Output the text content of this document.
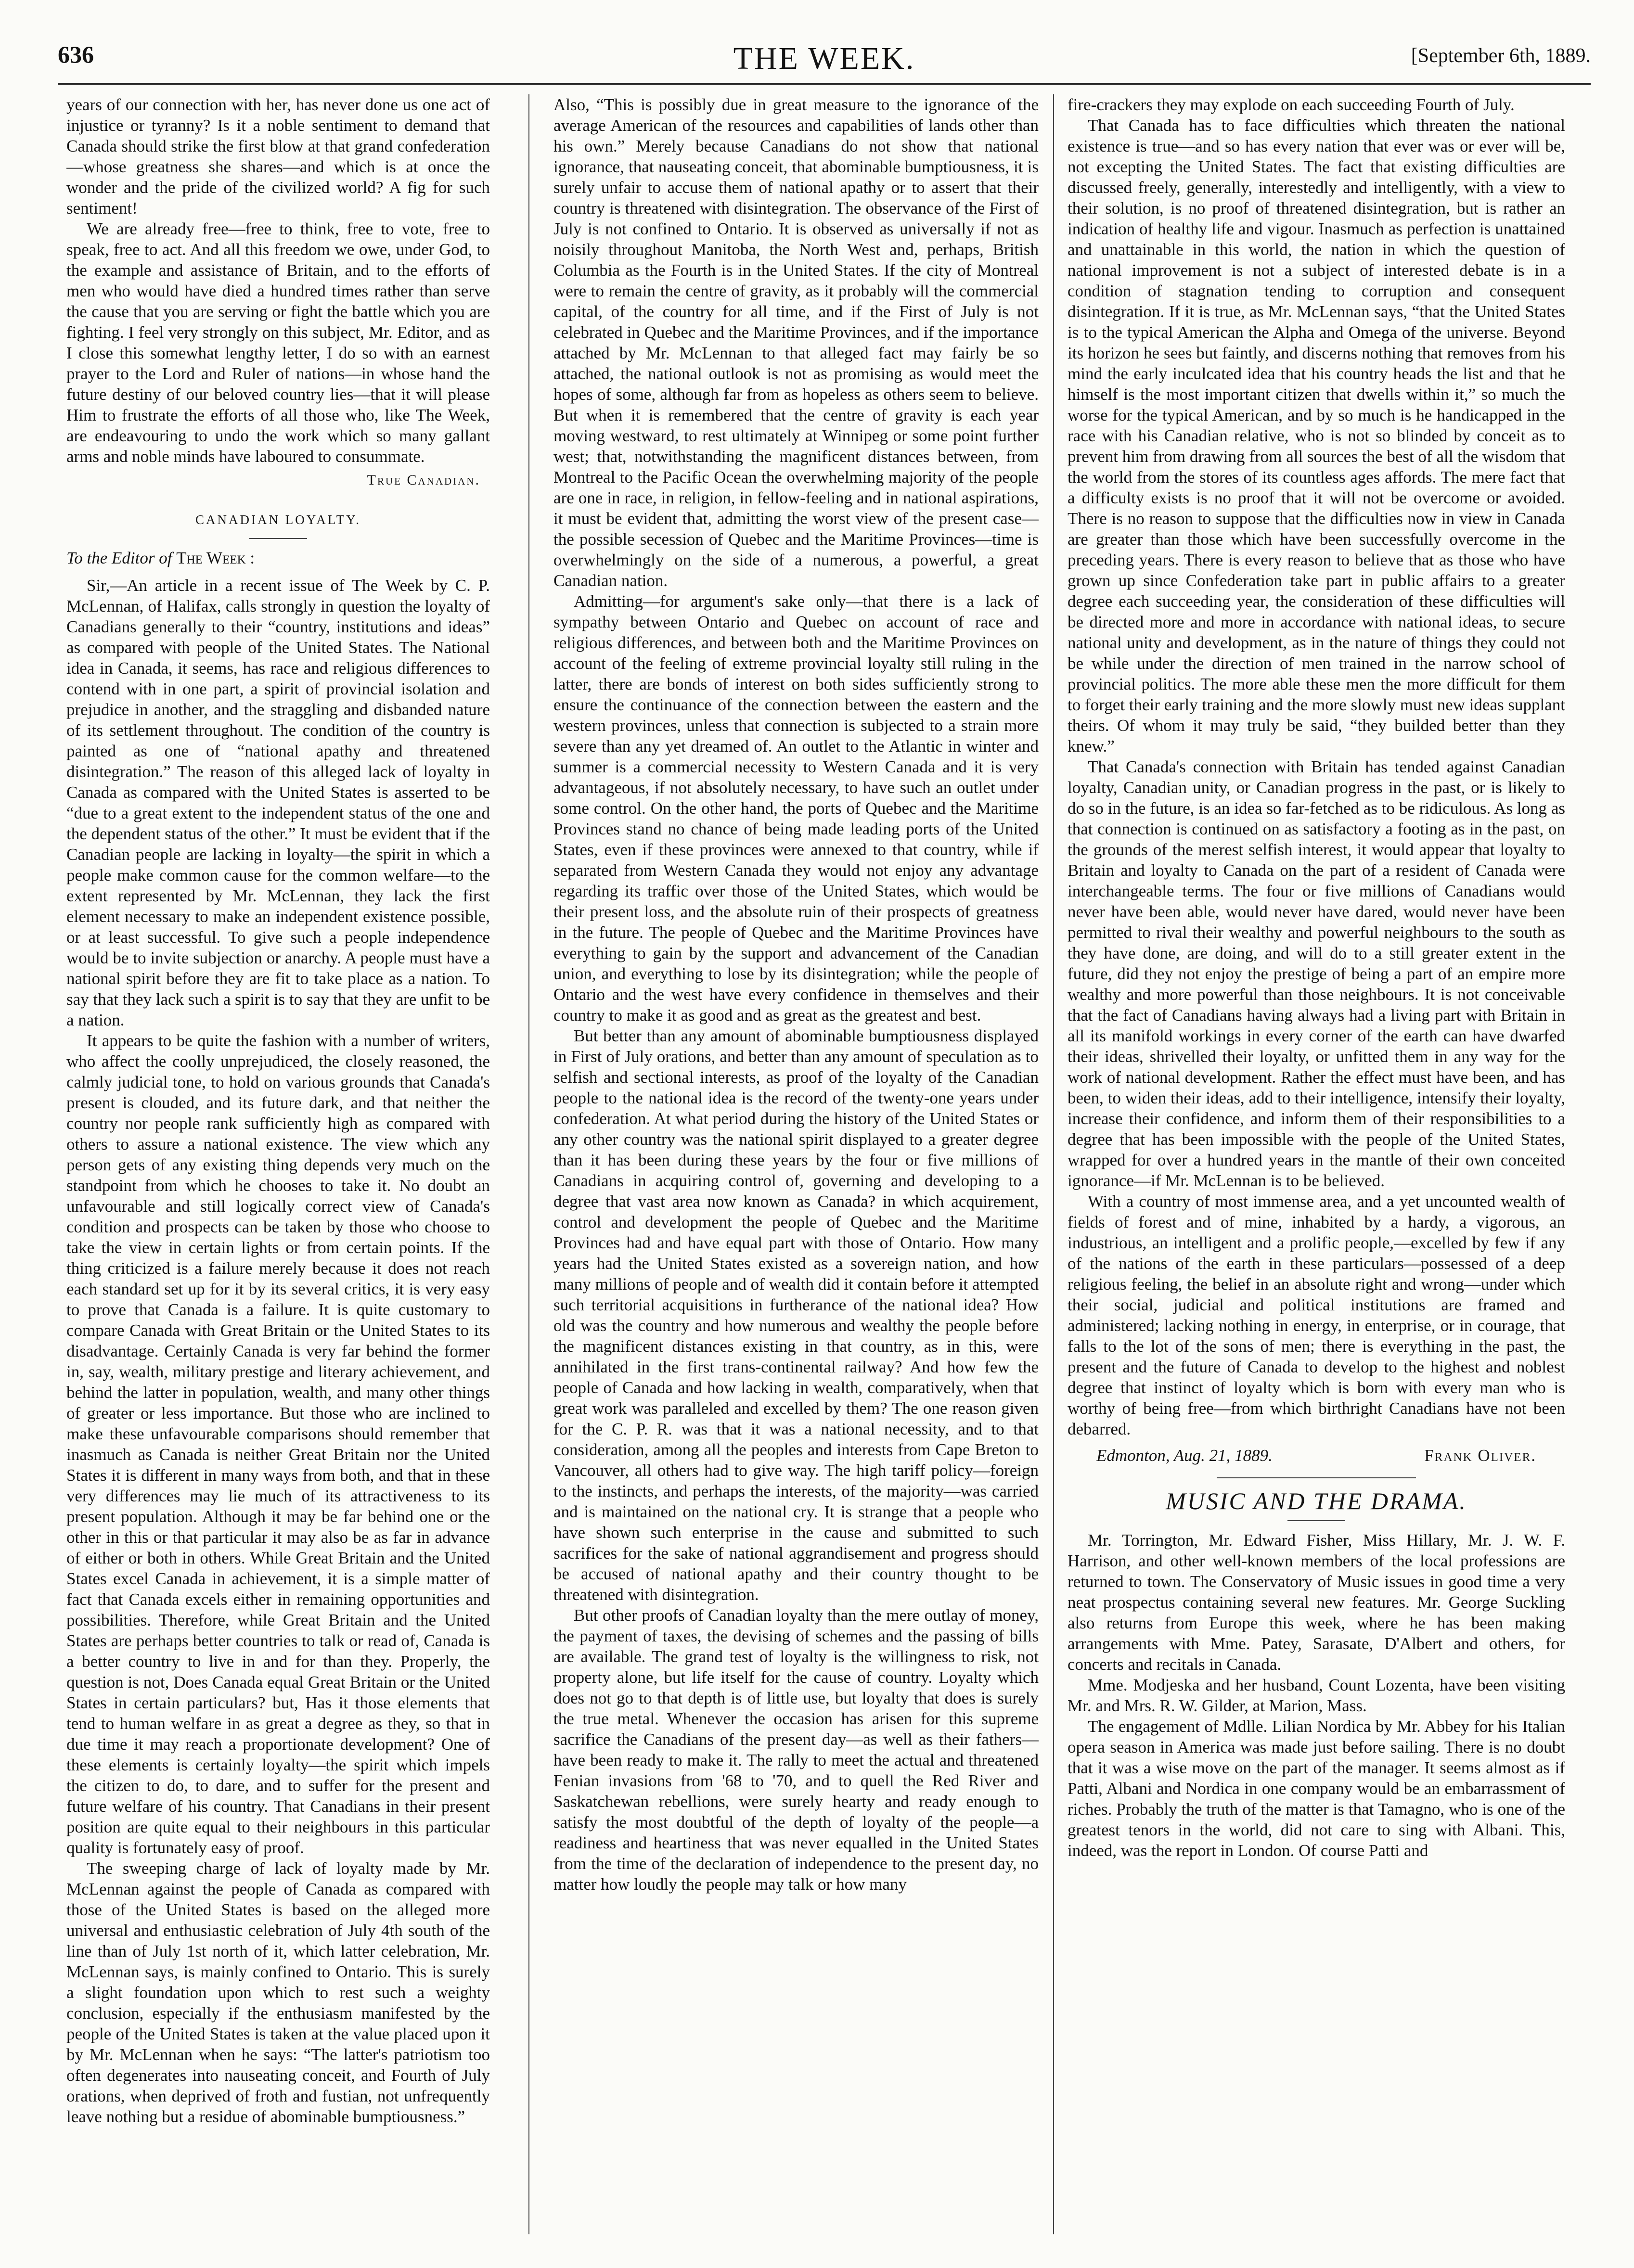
636	THE WEEK.	[September 6th, 1889.

years of our connection with her, has never done us one act of injustice or tyranny? Is it a noble sentiment to demand that Canada should strike the first blow at that grand confederation—whose greatness she shares—and which is at once the wonder and the pride of the civilized world? A fig for such sentiment!

We are already free—free to think, free to vote, free to speak, free to act. And all this freedom we owe, under God, to the example and assistance of Britain, and to the efforts of men who would have died a hundred times rather than serve the cause that you are serving or fight the battle which you are fighting. I feel very strongly on this subject, Mr. Editor, and as I close this somewhat lengthy letter, I do so with an earnest prayer to the Lord and Ruler of nations—in whose hand the future destiny of our beloved country lies—that it will please Him to frustrate the efforts of all those who, like The Week, are endeavouring to undo the work which so many gallant arms and noble minds have laboured to consummate.

True Canadian.
CANADIAN LOYALTY.
To the Editor of The Week :

Sir,—An article in a recent issue of The Week by C. P. McLennan, of Halifax, calls strongly in question the loyalty of Canadians generally to their “country, institutions and ideas” as compared with people of the United States. The National idea in Canada, it seems, has race and religious differences to contend with in one part, a spirit of provincial isolation and prejudice in another, and the straggling and disbanded nature of its settlement throughout. The condition of the country is painted as one of “national apathy and threatened disintegration.” The reason of this alleged lack of loyalty in Canada as compared with the United States is asserted to be “due to a great extent to the independent status of the one and the dependent status of the other.” It must be evident that if the Canadian people are lacking in loyalty—the spirit in which a people make common cause for the common welfare—to the extent represented by Mr. McLennan, they lack the first element necessary to make an independent existence possible, or at least successful. To give such a people independence would be to invite subjection or anarchy. A people must have a national spirit before they are fit to take place as a nation. To say that they lack such a spirit is to say that they are unfit to be a nation.

It appears to be quite the fashion with a number of writers, who affect the coolly unprejudiced, the closely reasoned, the calmly judicial tone, to hold on various grounds that Canada's present is clouded, and its future dark, and that neither the country nor people rank sufficiently high as compared with others to assure a national existence. The view which any person gets of any existing thing depends very much on the standpoint from which he chooses to take it. No doubt an unfavourable and still logically correct view of Canada's condition and prospects can be taken by those who choose to take the view in certain lights or from certain points. If the thing criticized is a failure merely because it does not reach each standard set up for it by its several critics, it is very easy to prove that Canada is a failure. It is quite customary to compare Canada with Great Britain or the United States to its disadvantage. Certainly Canada is very far behind the former in, say, wealth, military prestige and literary achievement, and behind the latter in population, wealth, and many other things of greater or less importance. But those who are inclined to make these unfavourable comparisons should remember that inasmuch as Canada is neither Great Britain nor the United States it is different in many ways from both, and that in these very differences may lie much of its attractiveness to its present population. Although it may be far behind one or the other in this or that particular it may also be as far in advance of either or both in others. While Great Britain and the United States excel Canada in achievement, it is a simple matter of fact that Canada excels either in remaining opportunities and possibilities. Therefore, while Great Britain and the United States are perhaps better countries to talk or read of, Canada is a better country to live in and for than they. Properly, the question is not, Does Canada equal Great Britain or the United States in certain particulars? but, Has it those elements that tend to human welfare in as great a degree as they, so that in due time it may reach a proportionate development? One of these elements is certainly loyalty—the spirit which impels the citizen to do, to dare, and to suffer for the present and future welfare of his country. That Canadians in their present position are quite equal to their neighbours in this particular quality is fortunately easy of proof.

The sweeping charge of lack of loyalty made by Mr. McLennan against the people of Canada as compared with those of the United States is based on the alleged more universal and enthusiastic celebration of July 4th south of the line than of July 1st north of it, which latter celebration, Mr. McLennan says, is mainly confined to Ontario. This is surely a slight foundation upon which to rest such a weighty conclusion, especially if the enthusiasm manifested by the people of the United States is taken at the value placed upon it by Mr. McLennan when he says: “The latter's patriotism too often degenerates into nauseating conceit, and Fourth of July orations, when deprived of froth and fustian, not unfrequently leave nothing but a residue of abominable bumptiousness.”

Also, “This is possibly due in great measure to the ignorance of the average American of the resources and capabilities of lands other than his own.” Merely because Canadians do not show that national ignorance, that nauseating conceit, that abominable bumptiousness, it is surely unfair to accuse them of national apathy or to assert that their country is threatened with disintegration. The observance of the First of July is not confined to Ontario. It is observed as universally if not as noisily throughout Manitoba, the North West and, perhaps, British Columbia as the Fourth is in the United States. If the city of Montreal were to remain the centre of gravity, as it probably will the commercial capital, of the country for all time, and if the First of July is not celebrated in Quebec and the Maritime Provinces, and if the importance attached by Mr. McLennan to that alleged fact may fairly be so attached, the national outlook is not as promising as would meet the hopes of some, although far from as hopeless as others seem to believe. But when it is remembered that the centre of gravity is each year moving westward, to rest ultimately at Winnipeg or some point further west; that, notwithstanding the magnificent distances between, from Montreal to the Pacific Ocean the overwhelming majority of the people are one in race, in religion, in fellow-feeling and in national aspirations, it must be evident that, admitting the worst view of the present case—the possible secession of Quebec and the Maritime Provinces—time is overwhelmingly on the side of a numerous, a powerful, a great Canadian nation.

Admitting—for argument's sake only—that there is a lack of sympathy between Ontario and Quebec on account of race and religious differences, and between both and the Maritime Provinces on account of the feeling of extreme provincial loyalty still ruling in the latter, there are bonds of interest on both sides sufficiently strong to ensure the continuance of the connection between the eastern and the western provinces, unless that connection is subjected to a strain more severe than any yet dreamed of. An outlet to the Atlantic in winter and summer is a commercial necessity to Western Canada and it is very advantageous, if not absolutely necessary, to have such an outlet under some control. On the other hand, the ports of Quebec and the Maritime Provinces stand no chance of being made leading ports of the United States, even if these provinces were annexed to that country, while if separated from Western Canada they would not enjoy any advantage regarding its traffic over those of the United States, which would be their present loss, and the absolute ruin of their prospects of greatness in the future. The people of Quebec and the Maritime Provinces have everything to gain by the support and advancement of the Canadian union, and everything to lose by its disintegration; while the people of Ontario and the west have every confidence in themselves and their country to make it as good and as great as the greatest and best.

But better than any amount of abominable bumptiousness displayed in First of July orations, and better than any amount of speculation as to selfish and sectional interests, as proof of the loyalty of the Canadian people to the national idea is the record of the twenty-one years under confederation. At what period during the history of the United States or any other country was the national spirit displayed to a greater degree than it has been during these years by the four or five millions of Canadians in acquiring control of, governing and developing to a degree that vast area now known as Canada? in which acquirement, control and development the people of Quebec and the Maritime Provinces had and have equal part with those of Ontario. How many years had the United States existed as a sovereign nation, and how many millions of people and of wealth did it contain before it attempted such territorial acquisitions in furtherance of the national idea? How old was the country and how numerous and wealthy the people before the magnificent distances existing in that country, as in this, were annihilated in the first trans-continental railway? And how few the people of Canada and how lacking in wealth, comparatively, when that great work was paralleled and excelled by them? The one reason given for the C. P. R. was that it was a national necessity, and to that consideration, among all the peoples and interests from Cape Breton to Vancouver, all others had to give way. The high tariff policy—foreign to the instincts, and perhaps the interests, of the majority—was carried and is maintained on the national cry. It is strange that a people who have shown such enterprise in the cause and submitted to such sacrifices for the sake of national aggrandisement and progress should be accused of national apathy and their country thought to be threatened with disintegration.

But other proofs of Canadian loyalty than the mere outlay of money, the payment of taxes, the devising of schemes and the passing of bills are available. The grand test of loyalty is the willingness to risk, not property alone, but life itself for the cause of country. Loyalty which does not go to that depth is of little use, but loyalty that does is surely the true metal. Whenever the occasion has arisen for this supreme sacrifice the Canadians of the present day—as well as their fathers—have been ready to make it. The rally to meet the actual and threatened Fenian invasions from '68 to '70, and to quell the Red River and Saskatchewan rebellions, were surely hearty and ready enough to satisfy the most doubtful of the depth of loyalty of the people—a readiness and heartiness that was never equalled in the United States from the time of the declaration of independence to the present day, no matter how loudly the people may talk or how many

fire-crackers they may explode on each succeeding Fourth of July.

That Canada has to face difficulties which threaten the national existence is true—and so has every nation that ever was or ever will be, not excepting the United States. The fact that existing difficulties are discussed freely, generally, interestedly and intelligently, with a view to their solution, is no proof of threatened disintegration, but is rather an indication of healthy life and vigour. Inasmuch as perfection is unattained and unattainable in this world, the nation in which the question of national improvement is not a subject of interested debate is in a condition of stagnation tending to corruption and consequent disintegration. If it is true, as Mr. McLennan says, “that the United States is to the typical American the Alpha and Omega of the universe. Beyond its horizon he sees but faintly, and discerns nothing that removes from his mind the early inculcated idea that his country heads the list and that he himself is the most important citizen that dwells within it,” so much the worse for the typical American, and by so much is he handicapped in the race with his Canadian relative, who is not so blinded by conceit as to prevent him from drawing from all sources the best of all the wisdom that the world from the stores of its countless ages affords. The mere fact that a difficulty exists is no proof that it will not be overcome or avoided. There is no reason to suppose that the difficulties now in view in Canada are greater than those which have been successfully overcome in the preceding years. There is every reason to believe that as those who have grown up since Confederation take part in public affairs to a greater degree each succeeding year, the consideration of these difficulties will be directed more and more in accordance with national ideas, to secure national unity and development, as in the nature of things they could not be while under the direction of men trained in the narrow school of provincial politics. The more able these men the more difficult for them to forget their early training and the more slowly must new ideas supplant theirs. Of whom it may truly be said, “they builded better than they knew.”

That Canada's connection with Britain has tended against Canadian loyalty, Canadian unity, or Canadian progress in the past, or is likely to do so in the future, is an idea so far-fetched as to be ridiculous. As long as that connection is continued on as satisfactory a footing as in the past, on the grounds of the merest selfish interest, it would appear that loyalty to Britain and loyalty to Canada on the part of a resident of Canada were interchangeable terms. The four or five millions of Canadians would never have been able, would never have dared, would never have been permitted to rival their wealthy and powerful neighbours to the south as they have done, are doing, and will do to a still greater extent in the future, did they not enjoy the prestige of being a part of an empire more wealthy and more powerful than those neighbours. It is not conceivable that the fact of Canadians having always had a living part with Britain in all its manifold workings in every corner of the earth can have dwarfed their ideas, shrivelled their loyalty, or unfitted them in any way for the work of national development. Rather the effect must have been, and has been, to widen their ideas, add to their intelligence, intensify their loyalty, increase their confidence, and inform them of their responsibilities to a degree that has been impossible with the people of the United States, wrapped for over a hundred years in the mantle of their own conceited ignorance—if Mr. McLennan is to be believed.

With a country of most immense area, and a yet uncounted wealth of fields of forest and of mine, inhabited by a hardy, a vigorous, an industrious, an intelligent and a prolific people,—excelled by few if any of the nations of the earth in these particulars—possessed of a deep religious feeling, the belief in an absolute right and wrong—under which their social, judicial and political institutions are framed and administered; lacking nothing in energy, in enterprise, or in courage, that falls to the lot of the sons of men; there is everything in the past, the present and the future of Canada to develop to the highest and noblest degree that instinct of loyalty which is born with every man who is worthy of being free—from which birthright Canadians have not been debarred.

Edmonton, Aug. 21, 1889.	Frank Oliver.
MUSIC AND THE DRAMA.

Mr. Torrington, Mr. Edward Fisher, Miss Hillary, Mr. J. W. F. Harrison, and other well-known members of the local professions are returned to town. The Conservatory of Music issues in good time a very neat prospectus containing several new features. Mr. George Suckling also returns from Europe this week, where he has been making arrangements with Mme. Patey, Sarasate, D'Albert and others, for concerts and recitals in Canada.

Mme. Modjeska and her husband, Count Lozenta, have been visiting Mr. and Mrs. R. W. Gilder, at Marion, Mass.

The engagement of Mdlle. Lilian Nordica by Mr. Abbey for his Italian opera season in America was made just before sailing. There is no doubt that it was a wise move on the part of the manager. It seems almost as if Patti, Albani and Nordica in one company would be an embarrassment of riches. Probably the truth of the matter is that Tamagno, who is one of the greatest tenors in the world, did not care to sing with Albani. This, indeed, was the report in London. Of course Patti and
